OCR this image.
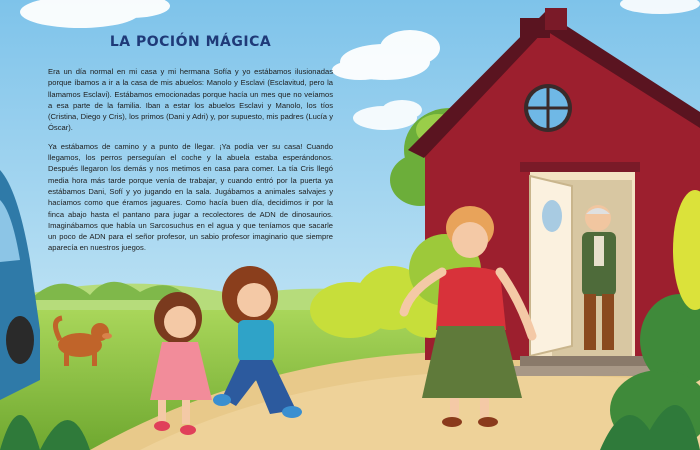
LA POCIÓN MÁGICA

Era un día normal en mi casa y mi hermana Sofía y yo estábamos ilusionadas porque íbamos a ir a la casa de mis abuelos: Manolo y Esclavi (Esclavitud, pero la llamamos Esclavi). Estábamos emocionadas porque hacía un mes que no veíamos a esa parte de la familia. Iban a estar los abuelos Esclavi y Manolo, los tíos (Cristina, Diego y Cris), los primos (Dani y Adri) y, por supuesto, mis padres (Lucía y Óscar).

Ya estábamos de camino y a punto de llegar. ¡Ya podía ver su casa! Cuando llegamos, los perros perseguían el coche y la abuela estaba esperándonos. Después llegaron los demás y nos metimos en casa para comer. La tía Cris llegó media hora más tarde porque venía de trabajar, y cuando entró por la puerta ya estábamos Dani, Sofí y yo jugando en la sala. Jugábamos a animales salvajes y hacíamos como que éramos jaguares. Como hacía buen día, decidimos ir por la finca abajo hasta el pantano para jugar a recolectores de ADN de dinosaurios. Imaginábamos que había un Sarcosuchus en el agua y que teníamos que sacarle un poco de ADN para el señor profesor, un sabio profesor imaginario que siempre aparecía en nuestros juegos.
